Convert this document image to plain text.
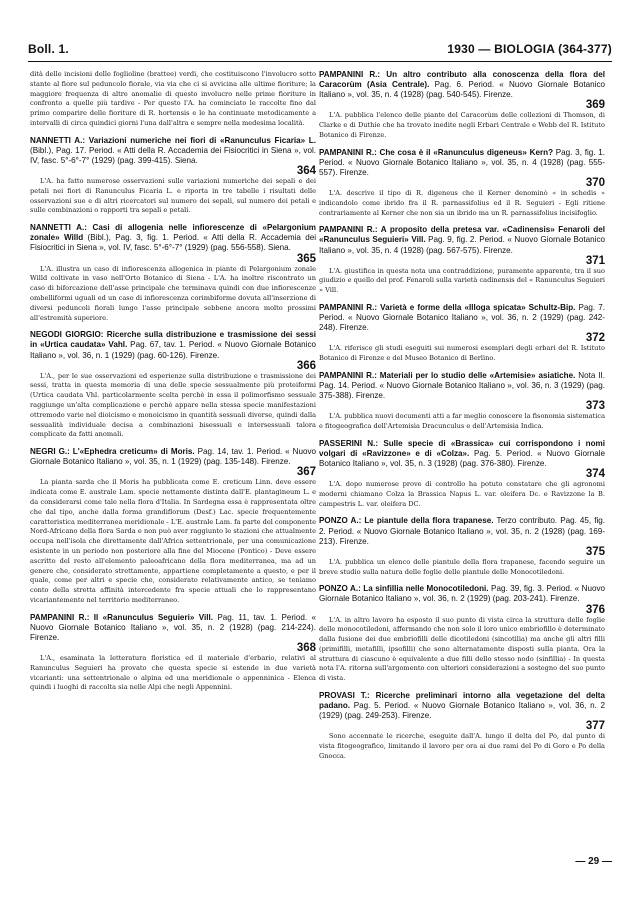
Boll. 1.	1930 — BIOLOGIA (364-377)

dità delle incisioni delle foglioline (brattee) verdi, che costituiscono l'involucro sotto stante al fiore sul peduncolo fiorale, via via che ci si avvicina alle ultime fioriture; la maggiore frequenza di altre anomalie di questo involucro nelle prime fioriture in confronto a quelle più tardive - Per questo l'A. ha cominciato le raccolte fino dal primo comparire delle fioriture di R. hortensis e le ha continuate metodicamente a intervalli di circa quindici giorni l'una dall'altra e sempre nella medesima località.

NANNETTI A.: Variazioni numeriche nei fiori di «Ranunculus Ficaria» L. (Bibl.), Pag. 17. Period. « Atti della R. Accademia dei Fisiocritici in Siena », vol. IV, fasc. 5°-6°-7° (1929) (pag. 399-415). Siena.

364

L'A. ha fatto numerose osservazioni sulle variazioni numeriche dei sepali e dei petali nei fiori di Ranunculus Ficaria L. e riporta in tre tabelle i risultati delle osservazioni sue e di altri ricercatori sul numero dei sepali, sul numero dei petali e sulle combinazioni o rapporti tra sepali e petali.

NANNETTI A.: Casi di allogenia nelle infiorescenze di «Pelargonium zonale» Willd (Bibl.), Pag. 3, fig. 1. Period. « Atti della R. Accademia dei Fisiocritici in Siena », vol. IV, fasc. 5°-6°-7° (1929) (pag. 556-558). Siena.

365

L'A. illustra un caso di infiorescenza allogenica in piante di Pelargonium zonale Willd coltivate in vaso nell'Orto Botanico di Siena - L'A. ha inoltre riscontrato un caso di biforcazione dell'asse principale che terminava quindi con due infiorescenze ombelliformi uguali ed un caso di infiorescenza corimbiforme dovuta all'inserzione di diversi peduncoli fiorali lungo l'asse principale sebbene ancora molto prossimi all'estremità superiore.

NEGODI GIORGIO: Ricerche sulla distribuzione e trasmissione dei sessi in «Urtica caudata» Vahl. Pag. 67, tav. 1. Period. « Nuovo Giornale Botanico Italiano », vol. 36, n. 1 (1929) (pag. 60-126). Firenze.

366

L'A., per le sue osservazioni ed esperienze sulla distribuzione e trasmissione dei sessi, tratta in questa memoria di una delle specie sessualmente più proteiformi (Urtica caudata Vhl. particolarmente scelta perchè in essa il polimorfismo sessuale raggiunge un'alta complicazione e perchè appare nella stessa specie manifestazioni ottremodo varie nel dioicismo e monoicismo in quantità sessuali diverse, quindi dalla sessualità individuale decisa a combinazioni bisessuali e intersessuali talora complicate da fatti anomali.

NEGRI G.: L'«Ephedra creticum» di Moris. Pag. 14, tav. 1. Period. « Nuovo Giornale Botanico Italiano », vol. 35, n. 1 (1929) (pag. 135-148). Firenze.

367

La pianta sarda che il Moris ha pubblicata come E. creticum Linn. deve essere indicata come E. australe Lam. specie nettamente distinta dall'E. plantagineum L. e da considerarsi come tale nella flora d'Italia. In Sardegna essa è rappresentata oltre che dal tipo, anche dalla forma grandiflorum (Desf.) Lac. specie frequentemente caratteristica mediterranea meridionale - L'E. australe Lam. fa parte del componente Nord-Africano della flora Sarda e non può aver raggiunto le stazioni che attualmente occupa nell'isola che direttamente dall'Africa settentrionale, per una comunicazione esistente in un periodo non posteriore alla fine del Miocene (Pontico) - Deve essere ascritto del resto all'elemento paleoafricano della flora mediterranea, ma ad un genere che, considerato strettamente, appartiene completamente a questo, e per il quale, come per altri e specie che, considerato relativamente antico, se teniamo conto della stretta affinità intercedente fra specie attuali che lo rappresentano vicariantemente nel territorio mediterraneo.

PAMPANINI R.: Il «Ranunculus Seguieri» Vill. Pag. 11, tav. 1. Period. « Nuovo Giornale Botanico Italiano », vol. 35, n. 2 (1928) (pag. 214-224). Firenze.

368

L'A., esaminata la letteratura floristica ed il materiale d'erbario, relativi al Ranunculus Seguieri ha provato che questa specie si estende in due varietà vicarianti: una settentrionale o alpina ed una meridionale o appenninica - Elenca quindi i luoghi di raccolta sia nelle Alpi che negli Appennini.

PAMPANINI R.: Un altro contributo alla conoscenza della flora del Caracorùm (Asia Centrale). Pag. 6. Period. « Nuovo Giornale Botanico Italiano », vol. 35, n. 4 (1928) (pag. 540-545). Firenze.

369

L'A. pubblica l'elenco delle piante del Caracorùm delle collezioni di Thomson, di Clarke e di Duthie che ha trovato inedite negli Erbari Centrale e Webb del R. Istituto Botanico di Firenze.

PAMPANINI R.: Che cosa è il «Ranunculus digeneus» Kern? Pag. 3, fig. 1. Period. « Nuovo Giornale Botanico Italiano », vol. 35, n. 4 (1928) (pag. 555-557). Firenze.

370

L'A. descrive il tipo di R. digeneus che il Kerner denominò « in schedis » indicandolo come ibrido fra il R. parnassifolius ed il R. Seguieri - Egli ritiene contrariamente al Kerner che non sia un ibrido ma un R. parnassifolius incisifoglio.

PAMPANINI R.: A proposito della pretesa var. «Cadinensis» Fenaroli del «Ranunculus Seguieri» Vill. Pag. 9, fig. 2. Period. « Nuovo Giornale Botanico Italiano », vol. 35, n. 4 (1928) (pag. 567-575). Firenze.

371

L'A. giustifica in questa nota una contraddizione, puramente apparente, tra il suo giudizio e quello del prof. Fenaroli sulla varietà cadinensis del « Ranunculus Seguieri » Vill.

PAMPANINI R.: Varietà e forme della «Illoga spicata» Schultz-Bip. Pag. 7. Period. « Nuovo Giornale Botanico Italiano », vol. 36, n. 2 (1929) (pag. 242-248). Firenze.

372

L'A. riferisce gli studi eseguiti sui numerosi esemplari degli erbari del R. Istituto Botanico di Firenze e del Museo Botanico di Berlino.

PAMPANINI R.: Materiali per lo studio delle «Artemisie» asiatiche. Nota II. Pag. 14. Period. « Nuovo Giornale Botanico Italiano », vol. 36, n. 3 (1929) (pag. 375-388). Firenze.

373

L'A. pubblica nuovi documenti atti a far meglio conoscere la fisonomia sistematica e fitogeografica dell'Artemisia Dracunculus e dell'Artemisia Indica.

PASSERINI N.: Sulle specie di «Brassica» cui corrispondono i nomi volgari di «Ravizzone» e di «Colza». Pag. 5. Period. « Nuovo Giornale Botanico Italiano », vol. 35, n. 3 (1928) (pag. 376-380). Firenze.

374

L'A. dopo numerose prove di controllo ha potuto constatare che gli agronomi moderni chiamano Colza la Brassica Napus L. var. oleifera Dc. e Ravizzone la B. campestris L. var. oleifera DC.

PONZO A.: Le piantule della flora trapanese. Terzo contributo. Pag. 45, fig. 2. Period. « Nuovo Giornale Botanico Italiano », vol. 35, n. 2 (1928) (pag. 169-213). Firenze.

375

L'A. pubblica un elenco delle piantule della flora trapanese, facendo seguire un breve studio sulla natura delle foglie delle piantule delle Monocotiledoni.

PONZO A.: La sinfillia nelle Monocotiledoni. Pag. 39, fig. 3. Period. « Nuovo Giornale Botanico Italiano », vol. 36, n. 2 (1929) (pag. 203-241). Firenze.

376

L'A. in altro lavoro ha esposto il suo punto di vista circa la struttura delle foglie delle monocotiledoni, affermando che non solo il loro unico embriofillo è determinato dalla fusione dei due embriofilli delle dicotiledoni (sincotilia) ma anche gli altri filli (primifilli, metafilli, ipsofilli) che sono alternatamente disposti sulla pianta. Ora la struttura di ciascuno è equivalente a due filli dello stesso nodo (sinfillia) - In questa nota l'A. ritorna sull'argomento con ulteriori considerazioni a sostegno del suo punto di vista.

PROVASI T.: Ricerche preliminari intorno alla vegetazione del delta padano. Pag. 5. Period. « Nuovo Giornale Botanico Italiano », vol. 36, n. 2 (1929) (pag. 249-253). Firenze.

377

Sono accennate le ricerche, eseguite dall'A. lungo il delta del Po, dal punto di vista fitogeografico, limitando il lavoro per ora ai due rami del Po di Goro e Po della Gnocca.

— 29 —
